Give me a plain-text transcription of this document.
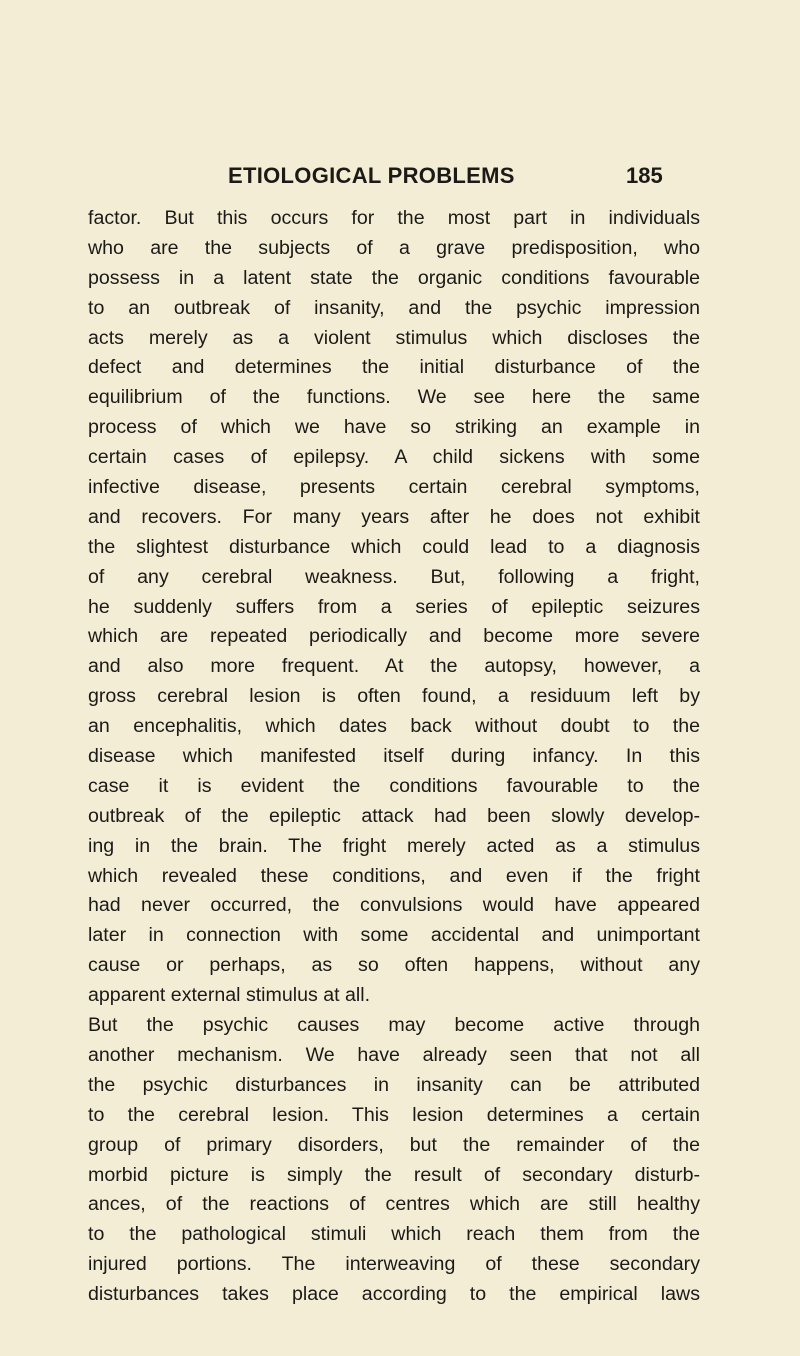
ETIOLOGICAL PROBLEMS	185
factor. But this occurs for the most part in individuals
who are the subjects of a grave predisposition, who
possess in a latent state the organic conditions favourable
to an outbreak of insanity, and the psychic impression
acts merely as a violent stimulus which discloses the
defect and determines the initial disturbance of the
equilibrium of the functions. We see here the same
process of which we have so striking an example in
certain cases of epilepsy. A child sickens with some
infective disease, presents certain cerebral symptoms,
and recovers. For many years after he does not exhibit
the slightest disturbance which could lead to a diagnosis
of any cerebral weakness. But, following a fright,
he suddenly suffers from a series of epileptic seizures
which are repeated periodically and become more severe
and also more frequent. At the autopsy, however, a
gross cerebral lesion is often found, a residuum left by
an encephalitis, which dates back without doubt to the
disease which manifested itself during infancy. In this
case it is evident the conditions favourable to the
outbreak of the epileptic attack had been slowly develop-
ing in the brain. The fright merely acted as a stimulus
which revealed these conditions, and even if the fright
had never occurred, the convulsions would have appeared
later in connection with some accidental and unimportant
cause or perhaps, as so often happens, without any
apparent external stimulus at all.
But the psychic causes may become active through
another mechanism. We have already seen that not all
the psychic disturbances in insanity can be attributed
to the cerebral lesion. This lesion determines a certain
group of primary disorders, but the remainder of the
morbid picture is simply the result of secondary disturb-
ances, of the reactions of centres which are still healthy
to the pathological stimuli which reach them from the
injured portions. The interweaving of these secondary
disturbances takes place according to the empirical laws
